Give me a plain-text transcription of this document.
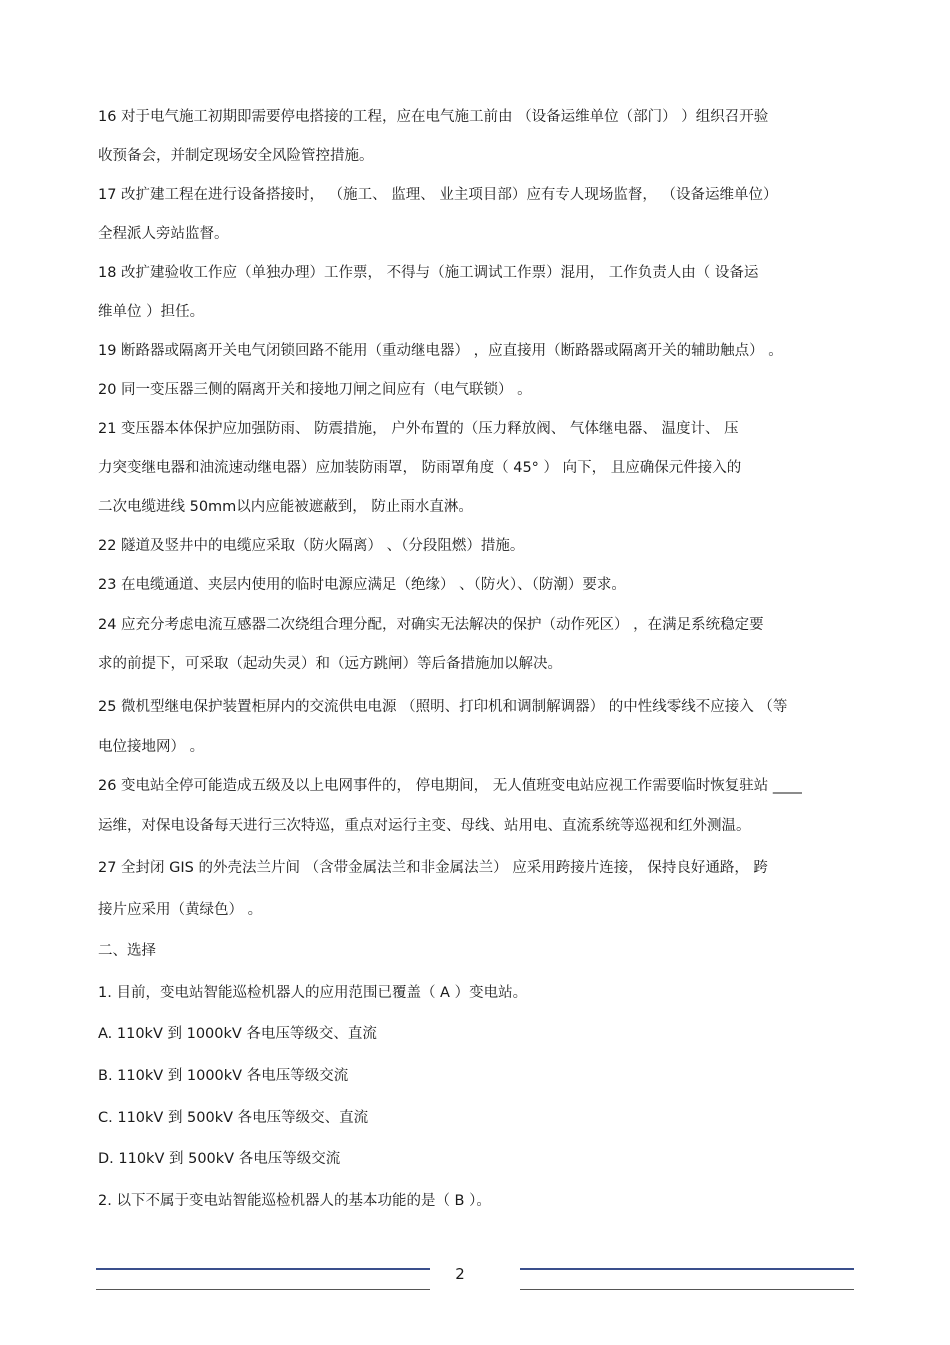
16 对于电气施工初期即需要停电搭接的工程，应在电气施工前由 （设备运维单位（部门） ）组织召开验
收预备会，并制定现场安全风险管控措施。
17 改扩建工程在进行设备搭接时， （施工、 监理、 业主项目部）应有专人现场监督， （设备运维单位）
全程派人旁站监督。
18 改扩建验收工作应（单独办理）工作票， 不得与（施工调试工作票）混用， 工作负责人由（ 设备运
维单位 ）担任。
19 断路器或隔离开关电气闭锁回路不能用（重动继电器） ，应直接用（断路器或隔离开关的辅助触点） 。
20 同一变压器三侧的隔离开关和接地刀闸之间应有（电气联锁） 。
21 变压器本体保护应加强防雨、 防震措施， 户外布置的（压力释放阀、 气体继电器、 温度计、 压
力突变继电器和油流速动继电器）应加装防雨罩， 防雨罩角度（ 45° ） 向下， 且应确保元件接入的
二次电缆进线 50mm以内应能被遮蔽到， 防止雨水直淋。
22 隧道及竖井中的电缆应采取（防火隔离） 、（分段阻燃）措施。
23 在电缆通道、夹层内使用的临时电源应满足（绝缘） 、（防火）、（防潮）要求。
24 应充分考虑电流互感器二次绕组合理分配，对确实无法解决的保护（动作死区） ，在满足系统稳定要
求的前提下，可采取（起动失灵）和（远方跳闸）等后备措施加以解决。
25 微机型继电保护装置柜屏内的交流供电电源 （照明、打印机和调制解调器） 的中性线零线不应接入 （等
电位接地网） 。
26 变电站全停可能造成五级及以上电网事件的， 停电期间， 无人值班变电站应视工作需要临时恢复驻站 ____
运维，对保电设备每天进行三次特巡，重点对运行主变、母线、站用电、直流系统等巡视和红外测温。
27 全封闭 GIS 的外壳法兰片间 （含带金属法兰和非金属法兰） 应采用跨接片连接， 保持良好通路， 跨
接片应采用（黄绿色） 。
二、选择
1. 目前，变电站智能巡检机器人的应用范围已覆盖（ A ）变电站。
A. 110kV 到 1000kV 各电压等级交、直流
B. 110kV 到 1000kV 各电压等级交流
C. 110kV 到 500kV 各电压等级交、直流
D. 110kV 到 500kV 各电压等级交流
2. 以下不属于变电站智能巡检机器人的基本功能的是（ B ）。
2
